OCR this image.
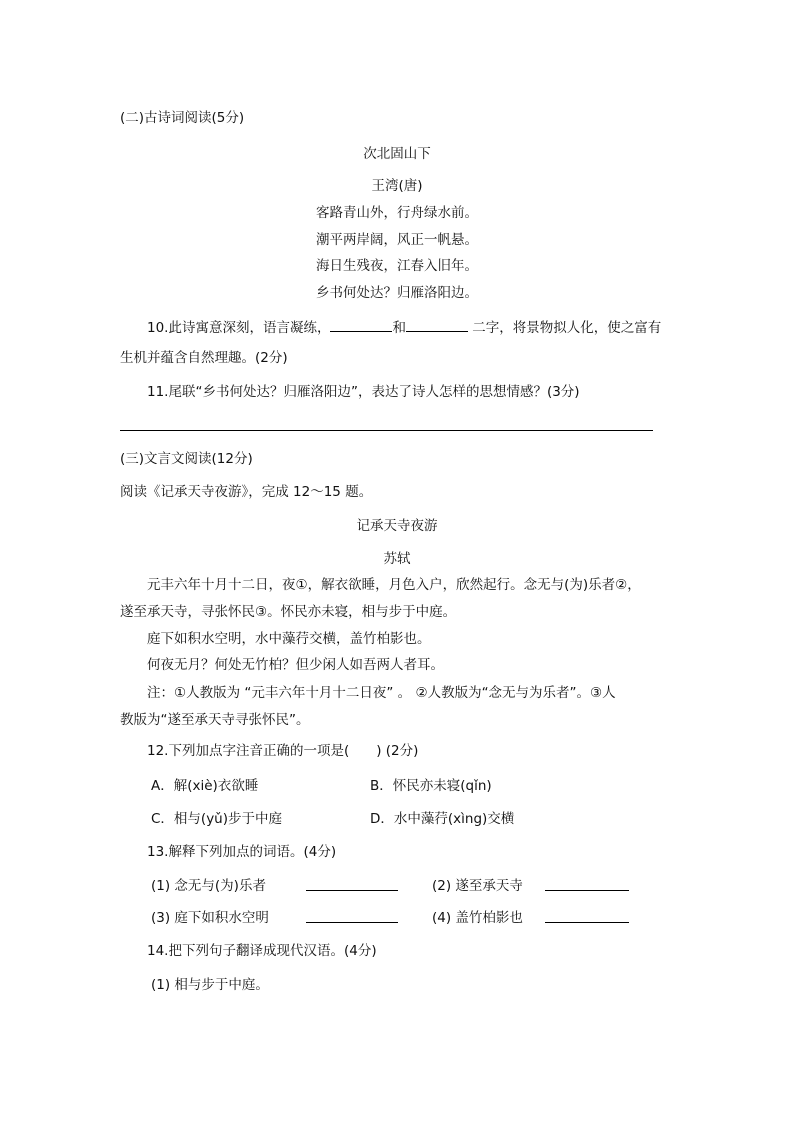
(二)古诗词阅读(5分)
次北固山下
王湾(唐)
客路青山外，行舟绿水前。
潮平两岸阔，风正一帆悬。
海日生残夜，江春入旧年。
乡书何处达？归雁洛阳边。
10.此诗寓意深刻，语言凝练，	和	二字，将景物拟人化，使之富有
生机并蕴含自然理趣。(2分)
11.尾联“乡书何处达？归雁洛阳边”，表达了诗人怎样的思想情感？(3分)
(三)文言文阅读(12分)
阅读《记承天寺夜游》，完成 12～15 题。
记承天寺夜游
苏轼
元丰六年十月十二日，夜①，解衣欲睡，月色入户，欣然起行。念无与(为)乐者②，
遂至承天寺，寻张怀民③。怀民亦未寝，相与步于中庭。
庭下如积水空明，水中藻荇交横，盖竹柏影也。
何夜无月？何处无竹柏？但少闲人如吾两人者耳。
注：①人教版为 “元丰六年十月十二日夜” 。 ②人教版为“念无与为乐者”。③人
教版为“遂至承天寺寻张怀民”。
12.下列加点字注音正确的一项是(　　) (2分)
A．解(xiè)衣欲睡	B．怀民亦未寝(qǐn)
C．相与(yǔ)步于中庭	D．水中藻荇(xìng)交横
13.解释下列加点的词语。(4分)
(1) 念无与(为)乐者	(2) 遂至承天寺
(3) 庭下如积水空明	(4) 盖竹柏影也
14.把下列句子翻译成现代汉语。(4分)
(1) 相与步于中庭。
